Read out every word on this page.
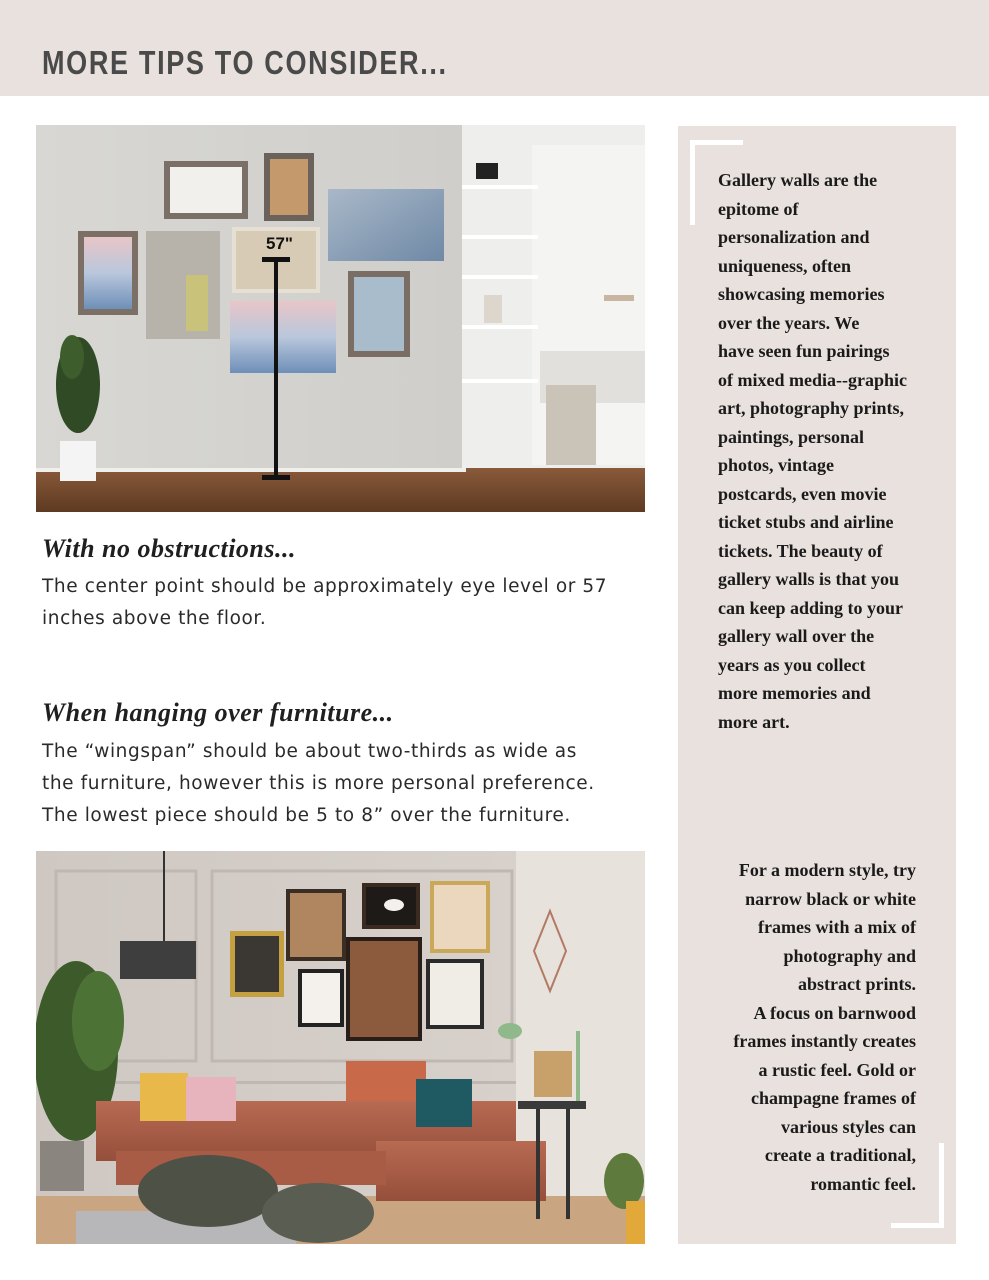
MORE TIPS TO CONSIDER...
57"
With no obstructions...

The center point should be approximately eye level or 57

inches above the floor.

When hanging over furniture...

The “wingspan” should be about two-thirds as wide as

the furniture, however this is more personal preference.

The lowest piece should be 5 to 8” over the furniture.

Gallery walls are the

epitome of

personalization and

uniqueness, often

showcasing memories

over the years. We

have seen fun pairings

of mixed media--graphic

art, photography prints,

paintings, personal

photos, vintage

postcards, even movie

ticket stubs and airline

tickets. The beauty of

gallery walls is that you

can keep adding to your

gallery wall over the

years as you collect

more memories and

more art.

For a modern style, try

narrow black or white

frames with a mix of

photography and

abstract prints.

A focus on barnwood

frames instantly creates

a rustic feel. Gold or

champagne frames of

various styles can

create a traditional,

romantic feel.
